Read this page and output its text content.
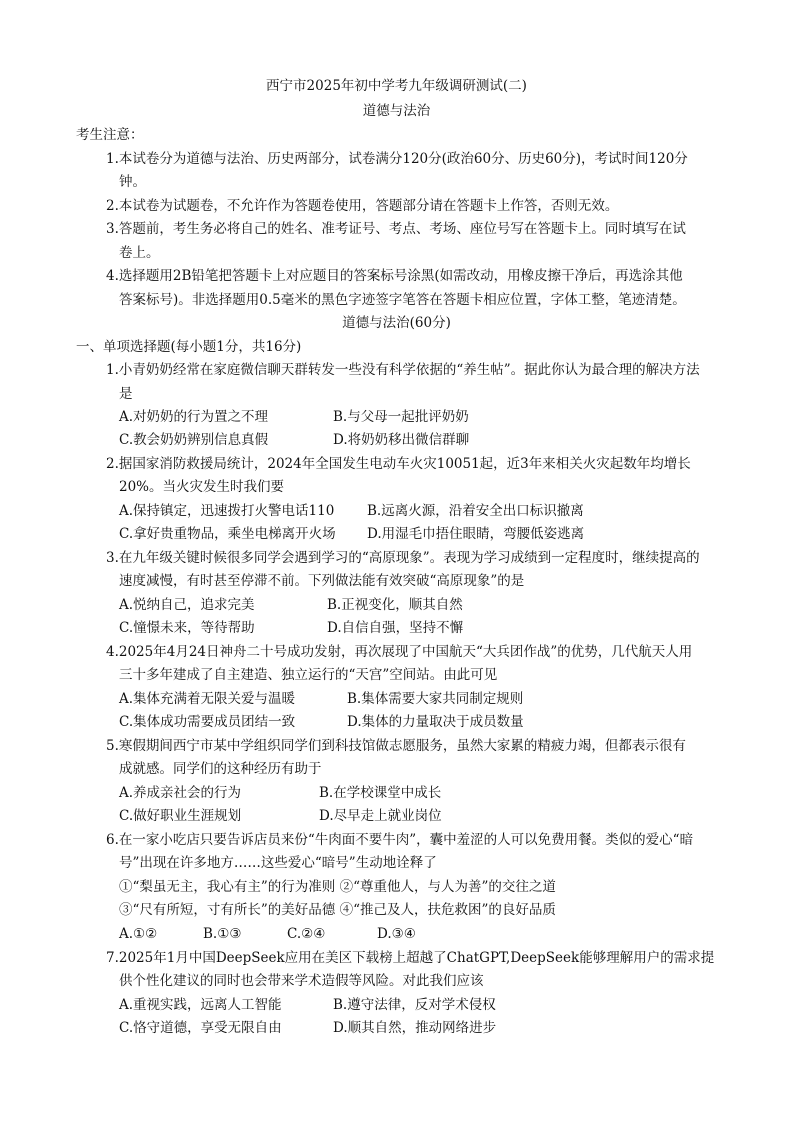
西宁市2025年初中学考九年级调研测试(二)
道德与法治
考生注意：
1.本试卷分为道德与法治、历史两部分，试卷满分120分(政治60分、历史60分)，考试时间120分
钟。
2.本试卷为试题卷，不允许作为答题卷使用，答题部分请在答题卡上作答，否则无效。
3.答题前，考生务必将自己的姓名、准考证号、考点、考场、座位号写在答题卡上。同时填写在试
卷上。
4.选择题用2B铅笔把答题卡上对应题目的答案标号涂黑(如需改动，用橡皮擦干净后，再选涂其他
答案标号)。非选择题用0.5毫米的黑色字迹签字笔答在答题卡相应位置，字体工整，笔迹清楚。
道德与法治(60分)
一、单项选择题(每小题1分，共16分)
1.小青奶奶经常在家庭微信聊天群转发一些没有科学依据的“养生帖”。据此你认为最合理的解决方法
是
A.对奶奶的行为置之不理	B.与父母一起批评奶奶
C.教会奶奶辨别信息真假	D.将奶奶移出微信群聊
2.据国家消防救援局统计，2024年全国发生电动车火灾10051起，近3年来相关火灾起数年均增长
20%。当火灾发生时我们要
A.保持镇定，迅速拨打火警电话110 B.远离火源，沿着安全出口标识撤离
C.拿好贵重物品，乘坐电梯离开火场 D.用湿毛巾捂住眼睛，弯腰低姿逃离
3.在九年级关键时候很多同学会遇到学习的“高原现象”。表现为学习成绩到一定程度时，继续提高的
速度减慢，有时甚至停滞不前。下列做法能有效突破“高原现象”的是
A.悦纳自己，追求完美	B.正视变化，顺其自然
C.憧憬未来，等待帮助	D.自信自强，坚持不懈
4.2025年4月24日神舟二十号成功发射，再次展现了中国航天“大兵团作战”的优势，几代航天人用
三十多年建成了自主建造、独立运行的“天宫”空间站。由此可见
A.集体充满着无限关爱与温暖	B.集体需要大家共同制定规则
C.集体成功需要成员团结一致	D.集体的力量取决于成员数量
5.寒假期间西宁市某中学组织同学们到科技馆做志愿服务，虽然大家累的精疲力竭，但都表示很有
成就感。同学们的这种经历有助于
A.养成亲社会的行为	B.在学校课堂中成长
C.做好职业生涯规划	D.尽早走上就业岗位
6.在一家小吃店只要告诉店员来份“牛肉面不要牛肉”，囊中羞涩的人可以免费用餐。类似的爱心“暗
号”出现在许多地方……这些爱心“暗号”生动地诠释了
①“梨虽无主，我心有主”的行为准则 ②“尊重他人，与人为善”的交往之道
③“尺有所短，寸有所长”的美好品德 ④“推己及人，扶危救困”的良好品质
A.①②	B.①③	C.②④	D.③④
7.2025年1月中国DeepSeek应用在美区下载榜上超越了ChatGPT,DeepSeek能够理解用户的需求提
供个性化建议的同时也会带来学术造假等风险。对此我们应该
A.重视实践，远离人工智能	B.遵守法律，反对学术侵权
C.恪守道德，享受无限自由	D.顺其自然，推动网络进步
